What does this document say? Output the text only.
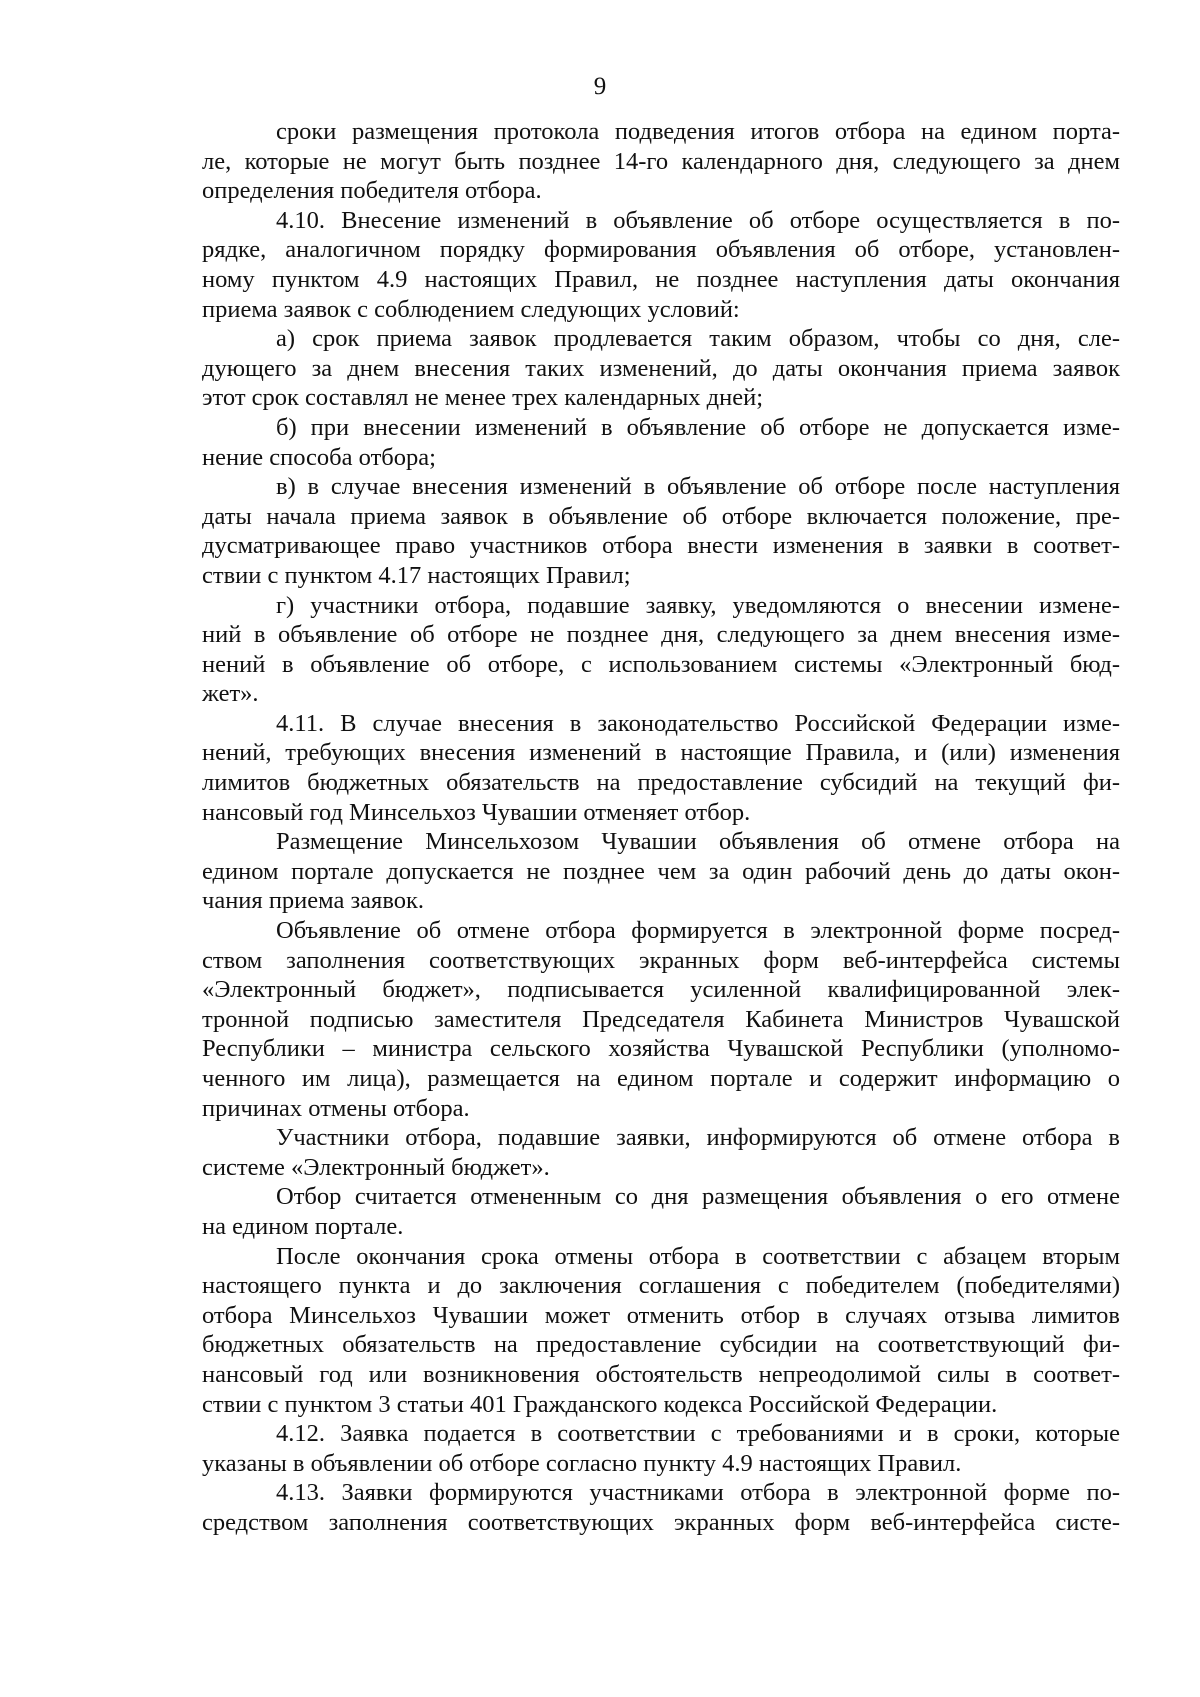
9
сроки размещения протокола подведения итогов отбора на едином порта-
ле, которые не могут быть позднее 14-го календарного дня, следующего за днем
определения победителя отбора.
4.10. Внесение изменений в объявление об отборе осуществляется в по-
рядке, аналогичном порядку формирования объявления об отборе, установлен-
ному пунктом 4.9 настоящих Правил, не позднее наступления даты окончания
приема заявок с соблюдением следующих условий:
а) срок приема заявок продлевается таким образом, чтобы со дня, сле-
дующего за днем внесения таких изменений, до даты окончания приема заявок
этот срок составлял не менее трех календарных дней;
б) при внесении изменений в объявление об отборе не допускается изме-
нение способа отбора;
в) в случае внесения изменений в объявление об отборе после наступления
даты начала приема заявок в объявление об отборе включается положение, пре-
дусматривающее право участников отбора внести изменения в заявки в соответ-
ствии с пунктом 4.17 настоящих Правил;
г) участники отбора, подавшие заявку, уведомляются о внесении измене-
ний в объявление об отборе не позднее дня, следующего за днем внесения изме-
нений в объявление об отборе, с использованием системы «Электронный бюд-
жет».
4.11. В случае внесения в законодательство Российской Федерации изме-
нений, требующих внесения изменений в настоящие Правила, и (или) изменения
лимитов бюджетных обязательств на предоставление субсидий на текущий фи-
нансовый год Минсельхоз Чувашии отменяет отбор.
Размещение Минсельхозом Чувашии объявления об отмене отбора на
едином портале допускается не позднее чем за один рабочий день до даты окон-
чания приема заявок.
Объявление об отмене отбора формируется в электронной форме посред-
ством заполнения соответствующих экранных форм веб-интерфейса системы
«Электронный бюджет», подписывается усиленной квалифицированной элек-
тронной подписью заместителя Председателя Кабинета Министров Чувашской
Республики – министра сельского хозяйства Чувашской Республики (уполномо-
ченного им лица), размещается на едином портале и содержит информацию о
причинах отмены отбора.
Участники отбора, подавшие заявки, информируются об отмене отбора в
системе «Электронный бюджет».
Отбор считается отмененным со дня размещения объявления о его отмене
на едином портале.
После окончания срока отмены отбора в соответствии с абзацем вторым
настоящего пункта и до заключения соглашения с победителем (победителями)
отбора Минсельхоз Чувашии может отменить отбор в случаях отзыва лимитов
бюджетных обязательств на предоставление субсидии на соответствующий фи-
нансовый год или возникновения обстоятельств непреодолимой силы в соответ-
ствии с пунктом 3 статьи 401 Гражданского кодекса Российской Федерации.
4.12. Заявка подается в соответствии с требованиями и в сроки, которые
указаны в объявлении об отборе согласно пункту 4.9 настоящих Правил.
4.13. Заявки формируются участниками отбора в электронной форме по-
средством заполнения соответствующих экранных форм веб-интерфейса систе-
